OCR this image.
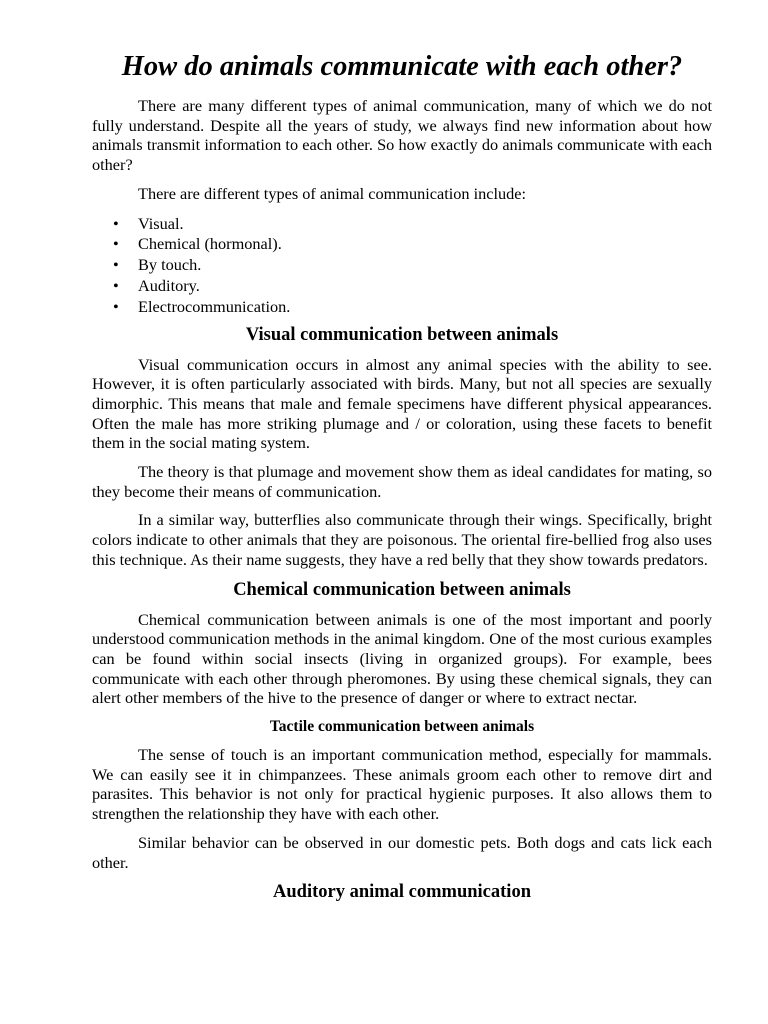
How do animals communicate with each other?

There are many different types of animal communication, many of which we do not fully understand. Despite all the years of study, we always find new information about how animals transmit information to each other. So how exactly do animals communicate with each other?

There are different types of animal communication include:

• Visual.
• Chemical (hormonal).
• By touch.
• Auditory.
• Electrocommunication.
Visual communication between animals

Visual communication occurs in almost any animal species with the ability to see. However, it is often particularly associated with birds. Many, but not all species are sexually dimorphic. This means that male and female specimens have different physical appearances. Often the male has more striking plumage and / or coloration, using these facets to benefit them in the social mating system.

The theory is that plumage and movement show them as ideal candidates for mating, so they become their means of communication.

In a similar way, butterflies also communicate through their wings. Specifically, bright colors indicate to other animals that they are poisonous. The oriental fire-bellied frog also uses this technique. As their name suggests, they have a red belly that they show towards predators.

Chemical communication between animals

Chemical communication between animals is one of the most important and poorly understood communication methods in the animal kingdom. One of the most curious examples can be found within social insects (living in organized groups). For example, bees communicate with each other through pheromones. By using these chemical signals, they can alert other members of the hive to the presence of danger or where to extract nectar.

Tactile communication between animals

The sense of touch is an important communication method, especially for mammals. We can easily see it in chimpanzees. These animals groom each other to remove dirt and parasites. This behavior is not only for practical hygienic purposes. It also allows them to strengthen the relationship they have with each other.

Similar behavior can be observed in our domestic pets. Both dogs and cats lick each other.

Auditory animal communication
